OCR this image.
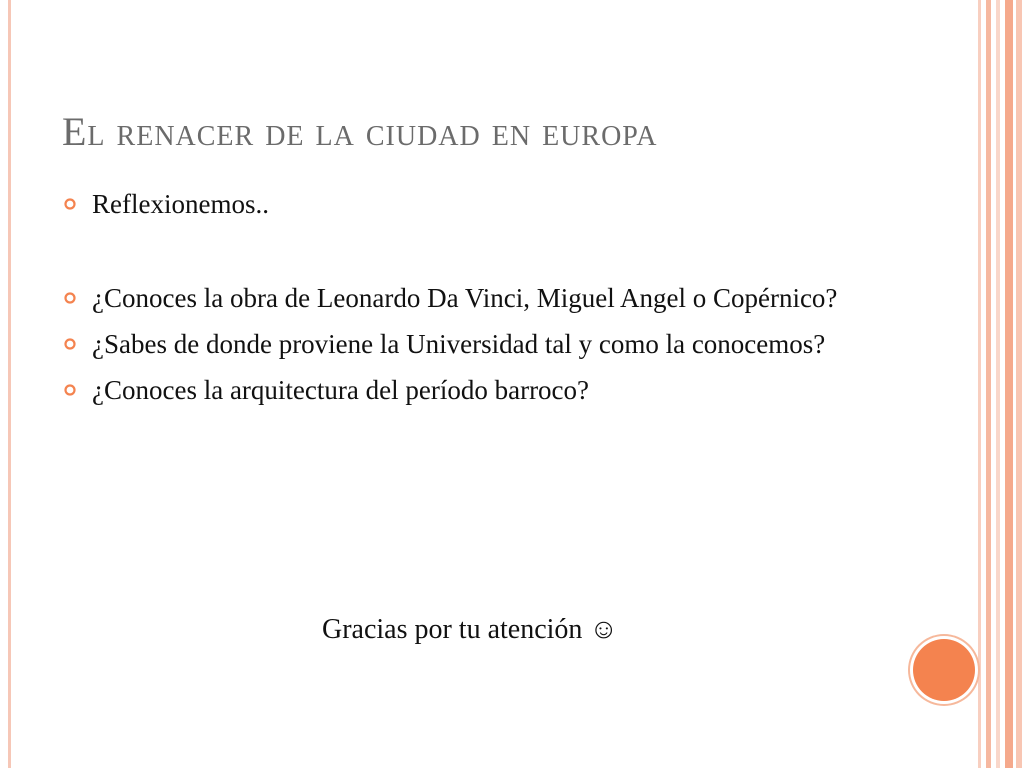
El renacer de la ciudad en europa
Reflexionemos..
¿Conoces la obra de Leonardo Da Vinci, Miguel Angel o Copérnico?
¿Sabes de donde proviene la Universidad tal y como la conocemos?
¿Conoces la arquitectura del período barroco?
Gracias por tu atención ☺
